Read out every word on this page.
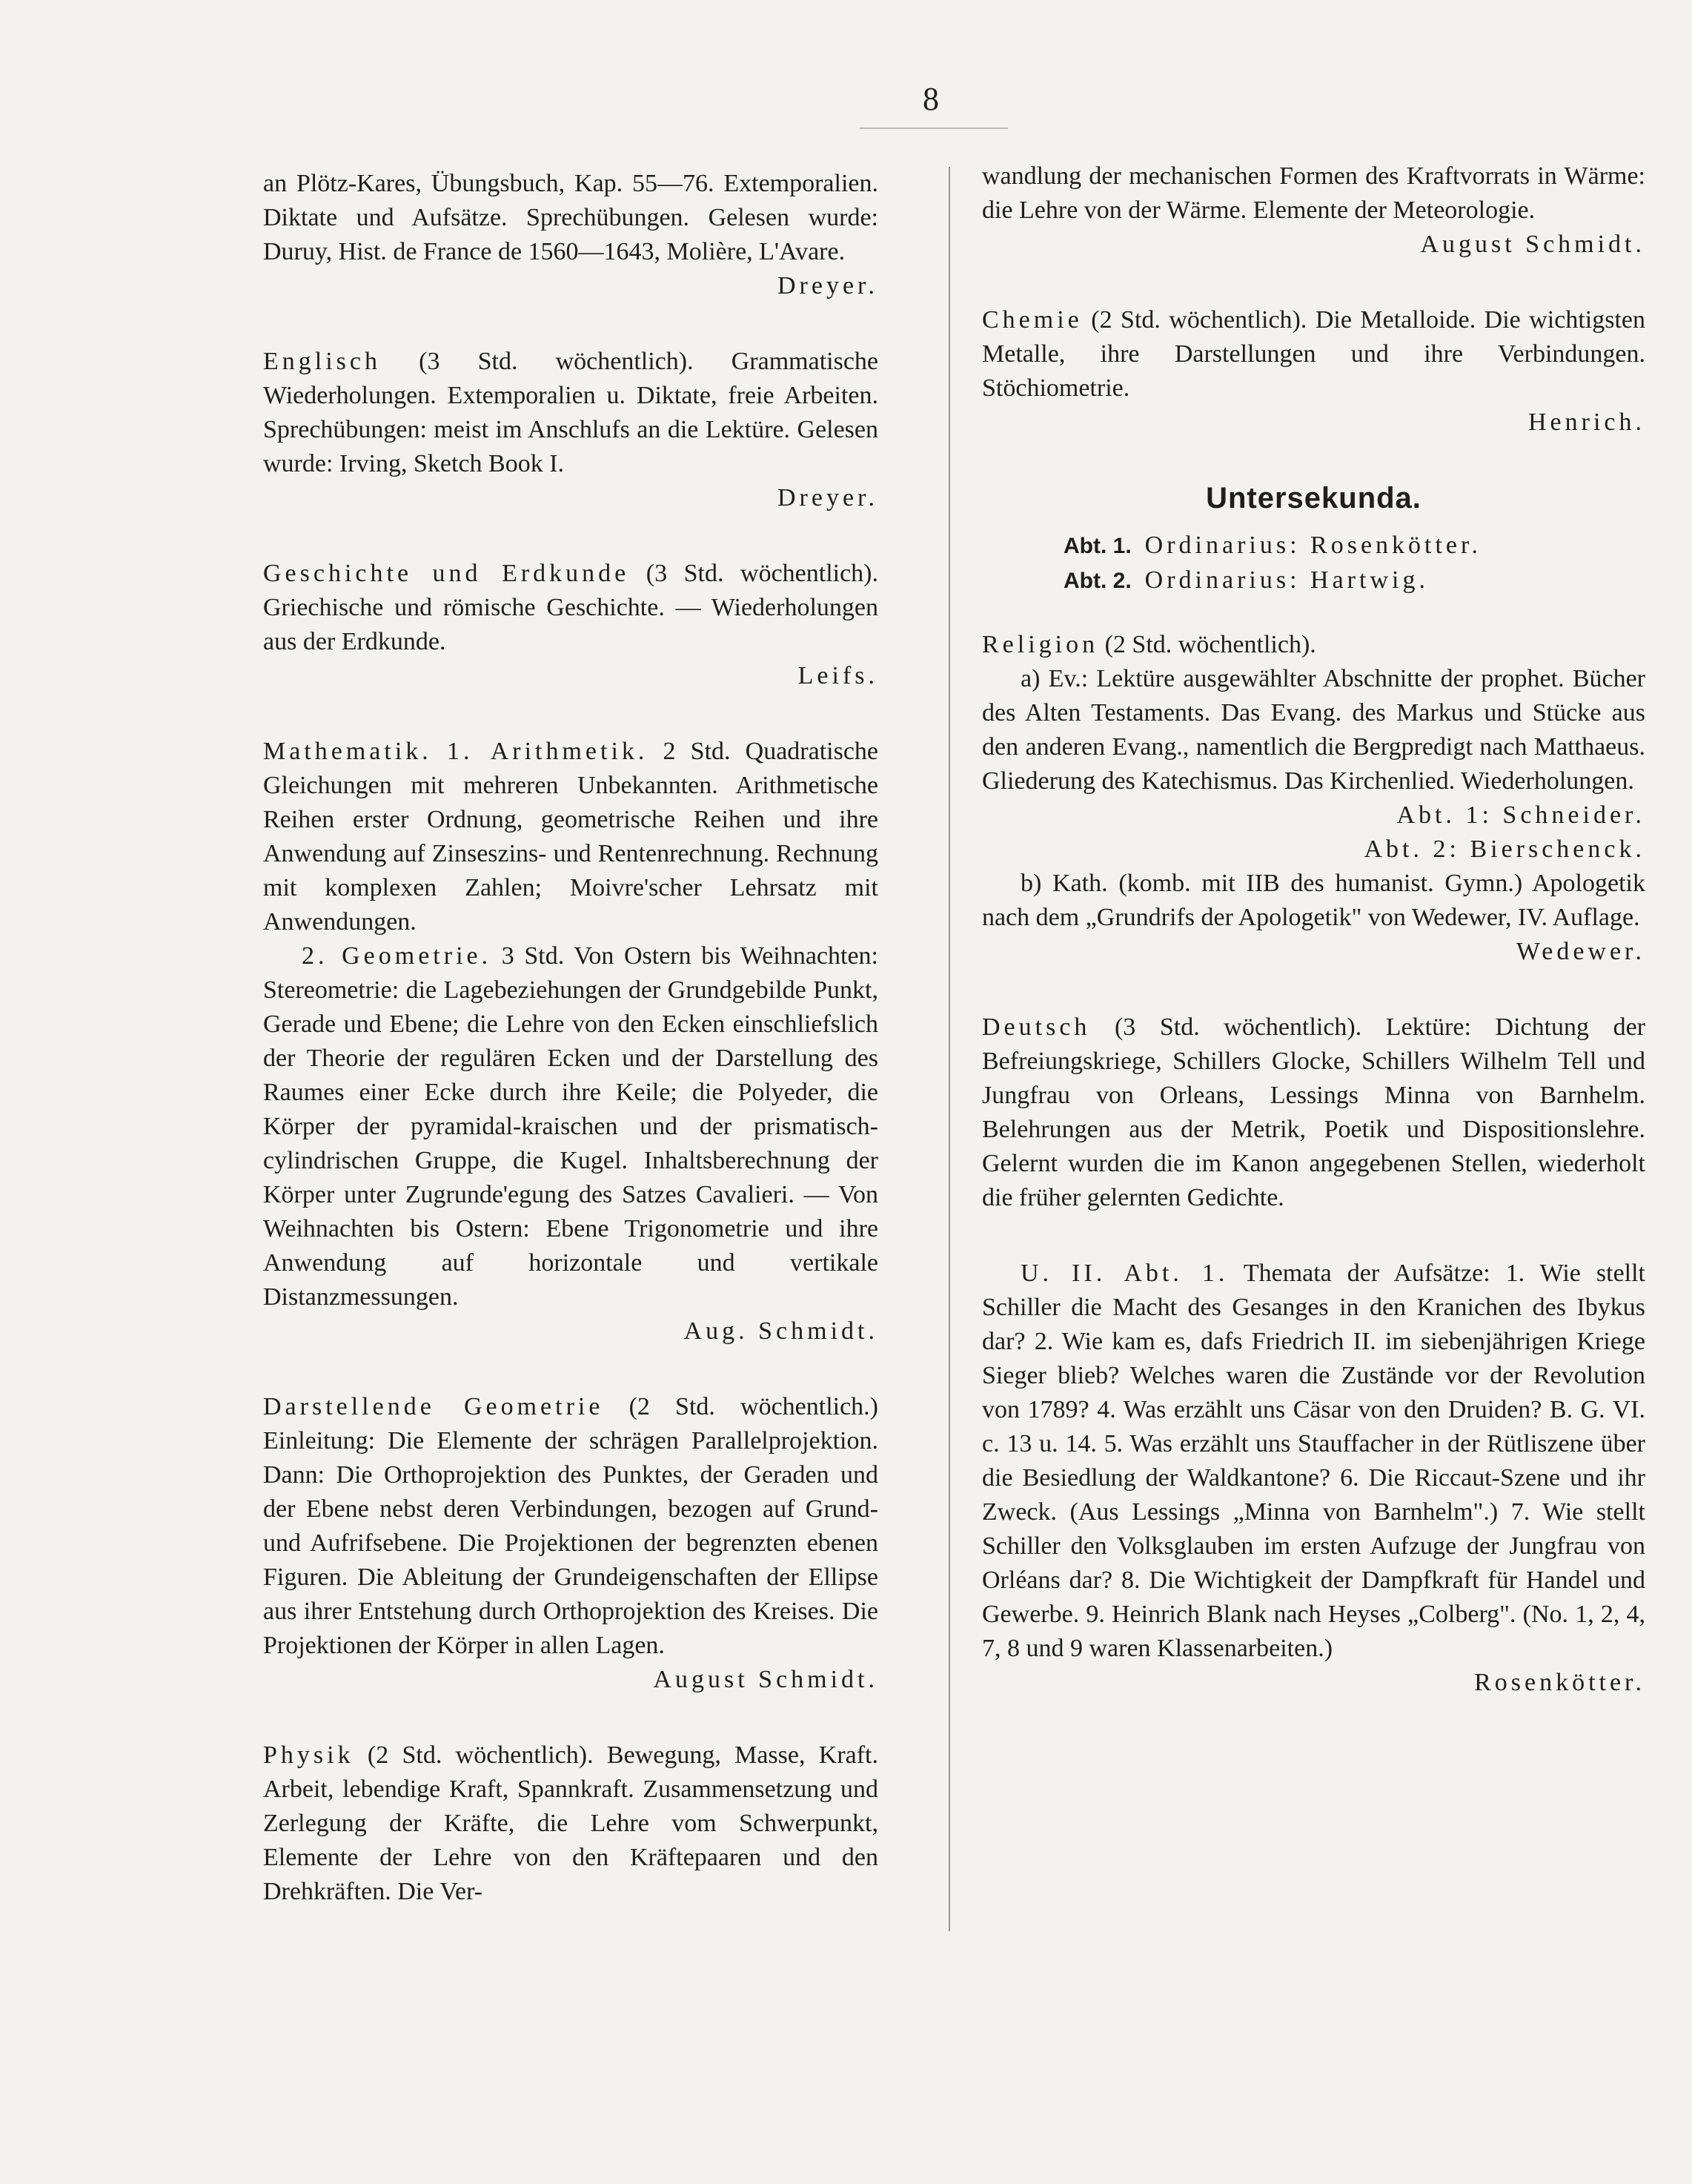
8

an Plötz-Kares, Übungsbuch, Kap. 55—76. Extemporalien. Diktate und Aufsätze. Sprechübungen. Gelesen wurde: Duruy, Hist. de France de 1560—1643, Molière, L'Avare.

Dreyer.

Englisch (3 Std. wöchentlich). Grammatische Wiederholungen. Extemporalien u. Diktate, freie Arbeiten. Sprechübungen: meist im Anschlufs an die Lektüre. Gelesen wurde: Irving, Sketch Book I.

Dreyer.

Geschichte und Erdkunde (3 Std. wöchentlich). Griechische und römische Geschichte. — Wiederholungen aus der Erdkunde.

Leifs.

Mathematik. 1. Arithmetik. 2 Std. Quadratische Gleichungen mit mehreren Unbekannten. Arithmetische Reihen erster Ordnung, geometrische Reihen und ihre Anwendung auf Zinseszins- und Rentenrechnung. Rechnung mit komplexen Zahlen; Moivre'scher Lehrsatz mit Anwendungen.

2. Geometrie. 3 Std. Von Ostern bis Weihnachten: Stereometrie: die Lagebeziehungen der Grundgebilde Punkt, Gerade und Ebene; die Lehre von den Ecken einschliefslich der Theorie der regulären Ecken und der Darstellung des Raumes einer Ecke durch ihre Keile; die Polyeder, die Körper der pyramidal-kraischen und der prismatisch-cylindrischen Gruppe, die Kugel. Inhaltsberechnung der Körper unter Zugrunde'egung des Satzes Cavalieri. — Von Weihnachten bis Ostern: Ebene Trigonometrie und ihre Anwendung auf horizontale und vertikale Distanzmessungen.

Aug. Schmidt.

Darstellende Geometrie (2 Std. wöchentlich.) Einleitung: Die Elemente der schrägen Parallelprojektion. Dann: Die Orthoprojektion des Punktes, der Geraden und der Ebene nebst deren Verbindungen, bezogen auf Grund- und Aufrifsebene. Die Projektionen der begrenzten ebenen Figuren. Die Ableitung der Grundeigenschaften der Ellipse aus ihrer Entstehung durch Orthoprojektion des Kreises. Die Projektionen der Körper in allen Lagen.

August Schmidt.

Physik (2 Std. wöchentlich). Bewegung, Masse, Kraft. Arbeit, lebendige Kraft, Spannkraft. Zusammensetzung und Zerlegung der Kräfte, die Lehre vom Schwerpunkt, Elemente der Lehre von den Kräftepaaren und den Drehkräften. Die Ver-

wandlung der mechanischen Formen des Kraftvorrats in Wärme: die Lehre von der Wärme. Elemente der Meteorologie.

August Schmidt.

Chemie (2 Std. wöchentlich). Die Metalloide. Die wichtigsten Metalle, ihre Darstellungen und ihre Verbindungen. Stöchiometrie.

Henrich.

Untersekunda.

Abt. 1. Ordinarius: Rosenkötter.

Abt. 2. Ordinarius: Hartwig.

Religion (2 Std. wöchentlich).

a) Ev.: Lektüre ausgewählter Abschnitte der prophet. Bücher des Alten Testaments. Das Evang. des Markus und Stücke aus den anderen Evang., namentlich die Bergpredigt nach Matthaeus. Gliederung des Katechismus. Das Kirchenlied. Wiederholungen.

Abt. 1: Schneider.

Abt. 2: Bierschenck.

b) Kath. (komb. mit IIB des humanist. Gymn.) Apologetik nach dem „Grundrifs der Apologetik" von Wedewer, IV. Auflage.

Wedewer.

Deutsch (3 Std. wöchentlich). Lektüre: Dichtung der Befreiungskriege, Schillers Glocke, Schillers Wilhelm Tell und Jungfrau von Orleans, Lessings Minna von Barnhelm. Belehrungen aus der Metrik, Poetik und Dispositionslehre. Gelernt wurden die im Kanon angegebenen Stellen, wiederholt die früher gelernten Gedichte.

U. II. Abt. 1. Themata der Aufsätze: 1. Wie stellt Schiller die Macht des Gesanges in den Kranichen des Ibykus dar? 2. Wie kam es, dafs Friedrich II. im siebenjährigen Kriege Sieger blieb? Welches waren die Zustände vor der Revolution von 1789? 4. Was erzählt uns Cäsar von den Druiden? B. G. VI. c. 13 u. 14. 5. Was erzählt uns Stauffacher in der Rütliszene über die Besiedlung der Waldkantone? 6. Die Riccaut-Szene und ihr Zweck. (Aus Lessings „Minna von Barnhelm".) 7. Wie stellt Schiller den Volksglauben im ersten Aufzuge der Jungfrau von Orléans dar? 8. Die Wichtigkeit der Dampfkraft für Handel und Gewerbe. 9. Heinrich Blank nach Heyses „Colberg". (No. 1, 2, 4, 7, 8 und 9 waren Klassenarbeiten.)

Rosenkötter.
